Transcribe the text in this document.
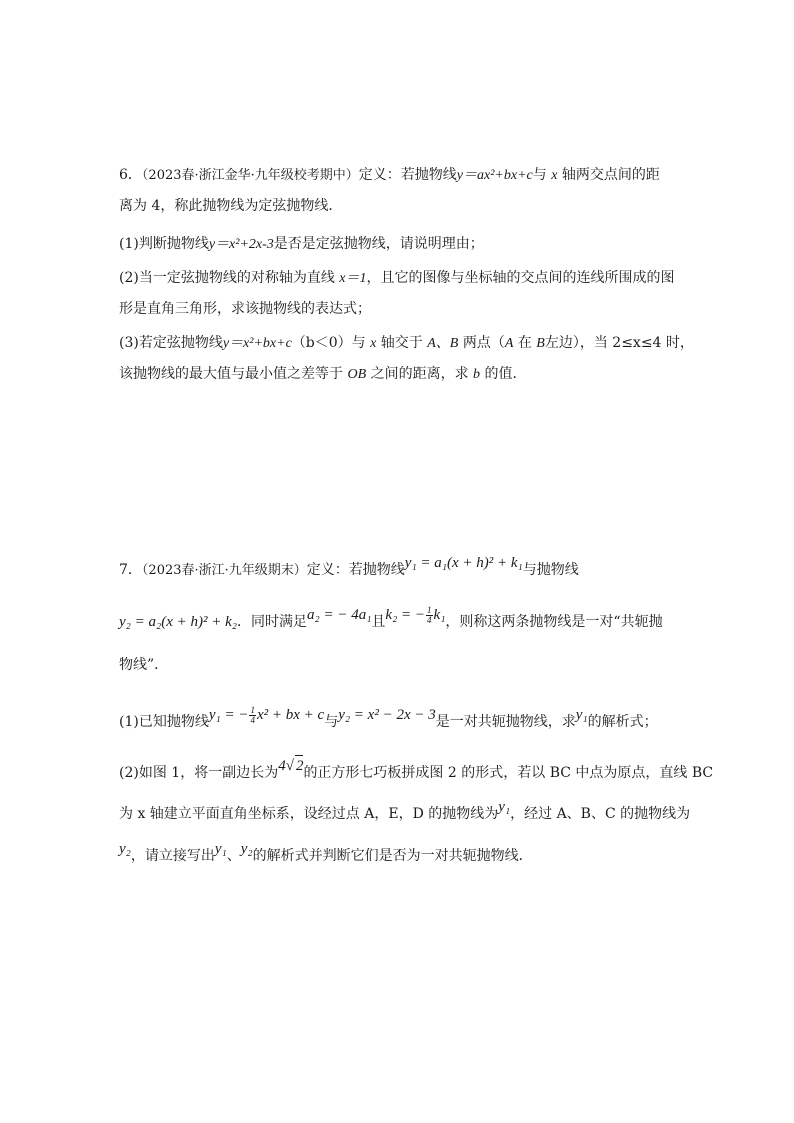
6．（2023春·浙江金华·九年级校考期中）定义：若抛物线y＝ax²+bx+c与 x 轴两交点间的距
离为 4，称此抛物线为定弦抛物线．
(1)判断抛物线y＝x²+2x-3是否是定弦抛物线，请说明理由；
(2)当一定弦抛物线的对称轴为直线 x＝1，且它的图像与坐标轴的交点间的连线所围成的图
形是直角三角形，求该抛物线的表达式；
(3)若定弦抛物线y＝x²+bx+c（b＜0）与 x 轴交于 A、B 两点（A 在 B左边），当 2≤x≤4 时，
该抛物线的最大值与最小值之差等于 OB 之间的距离，求 b 的值．
7．（2023春·浙江·九年级期末）定义：若抛物线y₁ = a₁(x + h)² + k₁与抛物线
y₂ = a₂(x + h)² + k₂．同时满足a₂ = − 4a₁且k₂ = − $\frac{1}{4} k_1$，则称这两条抛物线是一对“共轭抛
物线”．
(1)已知抛物线y₁ = − $\frac{1}{4} x^2$ + bx + c与y₂ = x² − 2x − 3是一对共轭抛物线，求y₁的解析式；
(2)如图 1，将一副边长为4√ 2的正方形七巧板拼成图 2 的形式，若以 BC 中点为原点，直线 BC
为 x 轴建立平面直角坐标系，设经过点 A，E，D 的抛物线为y₁，经过 A、B、C 的抛物线为
y₂，请立接写出y₁、y₂的解析式并判断它们是否为一对共轭抛物线．
